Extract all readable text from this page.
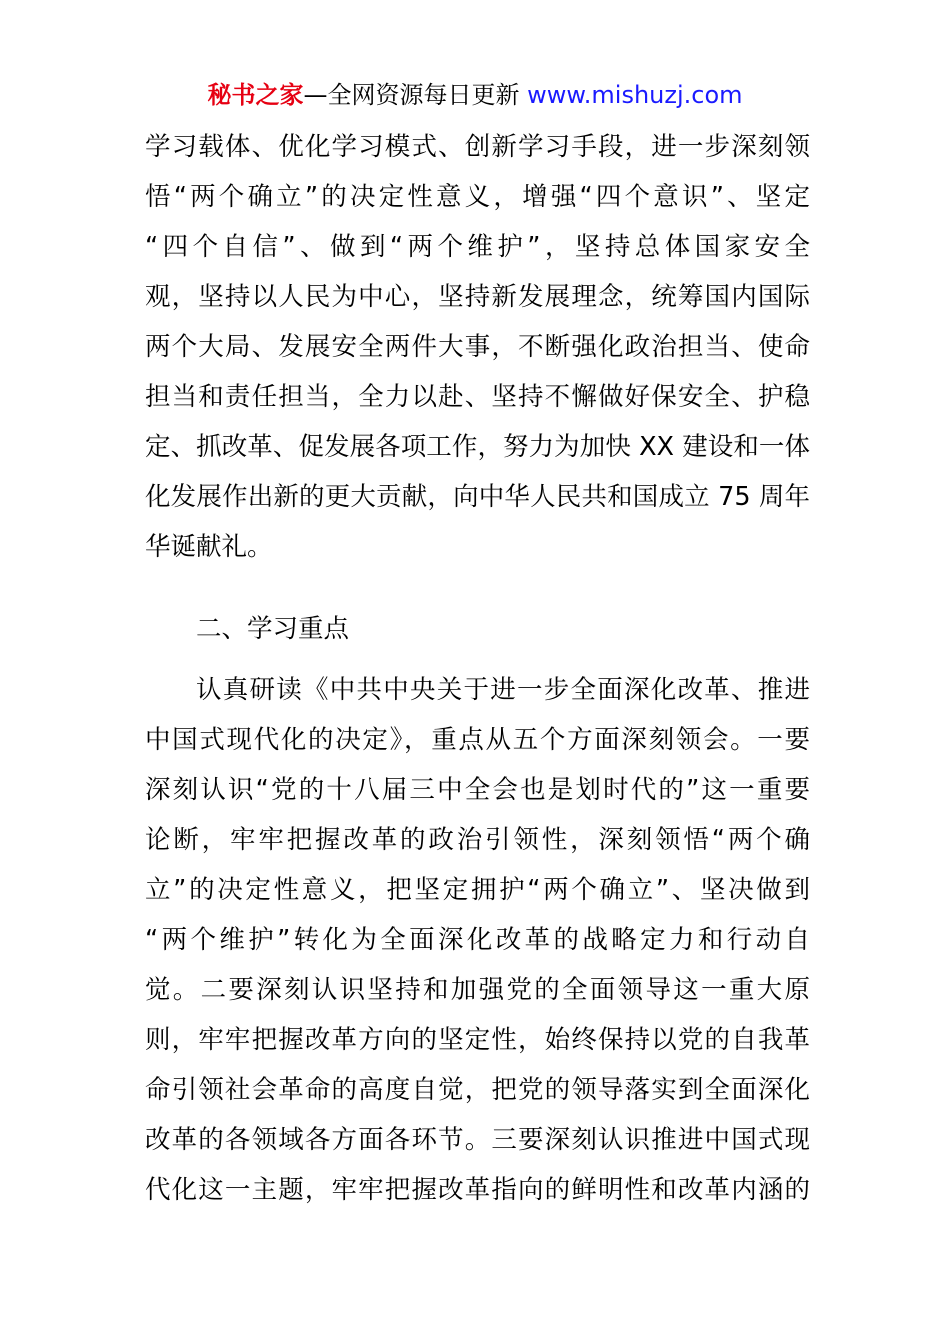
秘书之家—全网资源每日更新 www.mishuzj.com
学习载体、优化学习模式、创新学习手段，进一步深刻领
悟“两个确立”的决定性意义，增强“四个意识”、坚定
“四个自信”、做到“两个维护”，坚持总体国家安全
观，坚持以人民为中心，坚持新发展理念，统筹国内国际
两个大局、发展安全两件大事，不断强化政治担当、使命
担当和责任担当，全力以赴、坚持不懈做好保安全、护稳
定、抓改革、促发展各项工作，努力为加快 XX 建设和一体
化发展作出新的更大贡献，向中华人民共和国成立 75 周年
华诞献礼。
二、学习重点
认真研读《中共中央关于进一步全面深化改革、推进
中国式现代化的决定》，重点从五个方面深刻领会。一要
深刻认识“党的十八届三中全会也是划时代的”这一重要
论断，牢牢把握改革的政治引领性，深刻领悟“两个确
立”的决定性意义，把坚定拥护“两个确立”、坚决做到
“两个维护”转化为全面深化改革的战略定力和行动自
觉。二要深刻认识坚持和加强党的全面领导这一重大原
则，牢牢把握改革方向的坚定性，始终保持以党的自我革
命引领社会革命的高度自觉，把党的领导落实到全面深化
改革的各领域各方面各环节。三要深刻认识推进中国式现
代化这一主题，牢牢把握改革指向的鲜明性和改革内涵的
